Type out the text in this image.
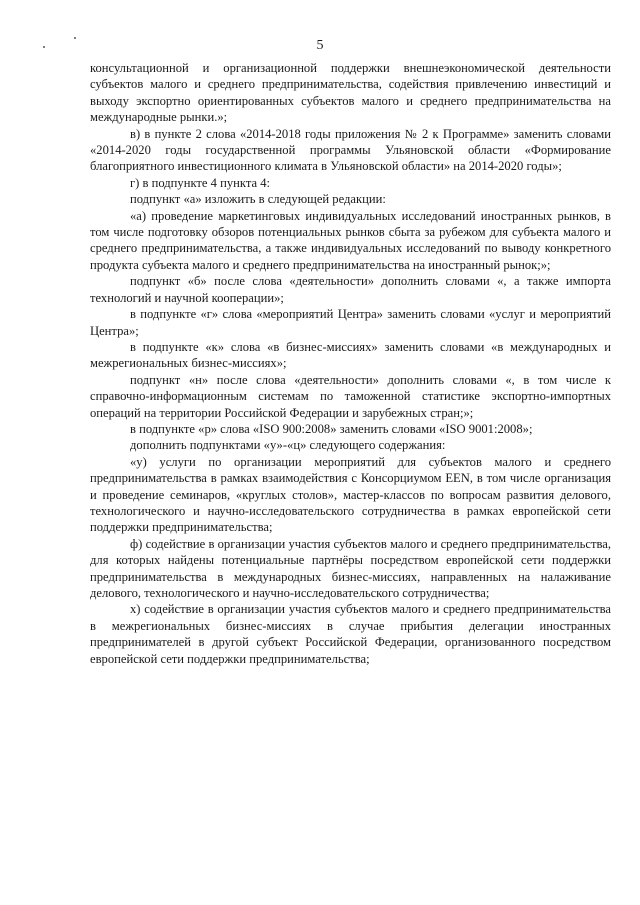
5

консультационной и организационной поддержки внешнеэкономической деятельности субъектов малого и среднего предпринимательства, содействия привлечению инвестиций и выходу экспортно ориентированных субъектов малого и среднего предпринимательства на международные рынки.»;

в) в пункте 2 слова «2014-2018 годы приложения № 2 к Программе» заменить словами «2014-2020 годы государственной программы Ульяновской области «Формирование благоприятного инвестиционного климата в Ульяновской области» на 2014-2020 годы»;

г) в подпункте 4 пункта 4:

подпункт «а» изложить в следующей редакции:

«а) проведение маркетинговых индивидуальных исследований иностранных рынков, в том числе подготовку обзоров потенциальных рынков сбыта за рубежом для субъекта малого и среднего предпринимательства, а также индивидуальных исследований по выводу конкретного продукта субъекта малого и среднего предпринимательства на иностранный рынок;»;

подпункт «б» после слова «деятельности» дополнить словами «, а также импорта технологий и научной кооперации»;

в подпункте «г» слова «мероприятий Центра» заменить словами «услуг и мероприятий Центра»;

в подпункте «к» слова «в бизнес-миссиях» заменить словами «в международных и межрегиональных бизнес-миссиях»;

подпункт «н» после слова «деятельности» дополнить словами «, в том числе к справочно-информационным системам по таможенной статистике экспортно-импортных операций на территории Российской Федерации и зарубежных стран;»;

в подпункте «р» слова «ISO 900:2008» заменить словами «ISO 9001:2008»;

дополнить подпунктами «у»-«ц» следующего содержания:

«у) услуги по организации мероприятий для субъектов малого и среднего предпринимательства в рамках взаимодействия с Консорциумом EEN, в том числе организация и проведение семинаров, «круглых столов», мастер-классов по вопросам развития делового, технологического и научно-исследовательского сотрудничества в рамках европейской сети поддержки предпринимательства;

ф) содействие в организации участия субъектов малого и среднего предпринимательства, для которых найдены потенциальные партнёры посредством европейской сети поддержки предпринимательства в международных бизнес-миссиях, направленных на налаживание делового, технологического и научно-исследовательского сотрудничества;

х) содействие в организации участия субъектов малого и среднего предпринимательства в межрегиональных бизнес-миссиях в случае прибытия делегации иностранных предпринимателей в другой субъект Российской Федерации, организованного посредством европейской сети поддержки предпринимательства;
